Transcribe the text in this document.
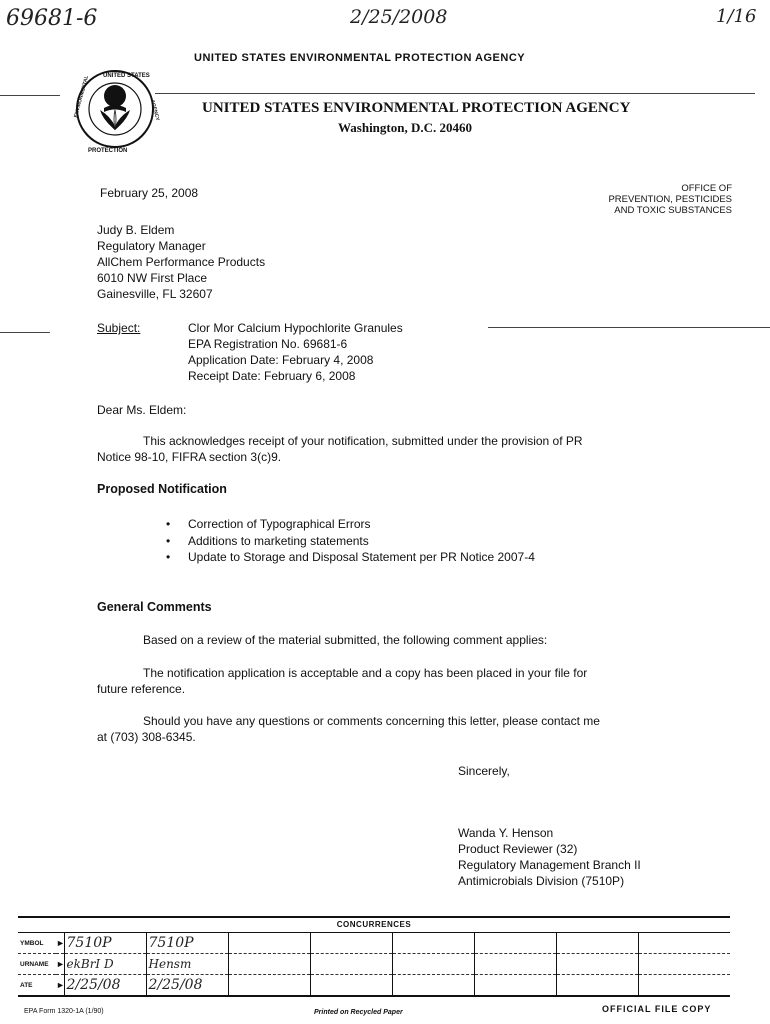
69681-6	2/25/2008	1/16
UNITED STATES ENVIRONMENTAL PROTECTION AGENCY
UNITED STATES
ENVIRONMENTAL	AGENCY
PROTECTION
UNITED STATES ENVIRONMENTAL PROTECTION AGENCY
Washington, D.C. 20460
February 25, 2008	OFFICE OF
PREVENTION, PESTICIDES
AND TOXIC SUBSTANCES
Judy B. Eldem
Regulatory Manager
AllChem Performance Products
6010 NW First Place
Gainesville, FL 32607
Subject:	Clor Mor Calcium Hypochlorite Granules
EPA Registration No. 69681-6
Application Date: February 4, 2008
Receipt Date: February 6, 2008
Dear Ms. Eldem:
This acknowledges receipt of your notification, submitted under the provision of PR
Notice 98-10, FIFRA section 3(c)9.
Proposed Notification
• Correction of Typographical Errors
• Additions to marketing statements
• Update to Storage and Disposal Statement per PR Notice 2007-4
General Comments
Based on a review of the material submitted, the following comment applies:
The notification application is acceptable and a copy has been placed in your file for
future reference.
Should you have any questions or comments concerning this letter, please contact me
at (703) 308-6345.
Sincerely,
Wanda Y. Henson
Product Reviewer (32)
Regulatory Management Branch II
Antimicrobials Division (7510P)
CONCURRENCES
YMBOL	►	7510P	7510P						
URNAME	►	ekBrI D	Hensm						
ATE	►	2/25/08	2/25/08						
EPA Form 1320-1A (1/90)	Printed on Recycled Paper	OFFICIAL FILE COPY
